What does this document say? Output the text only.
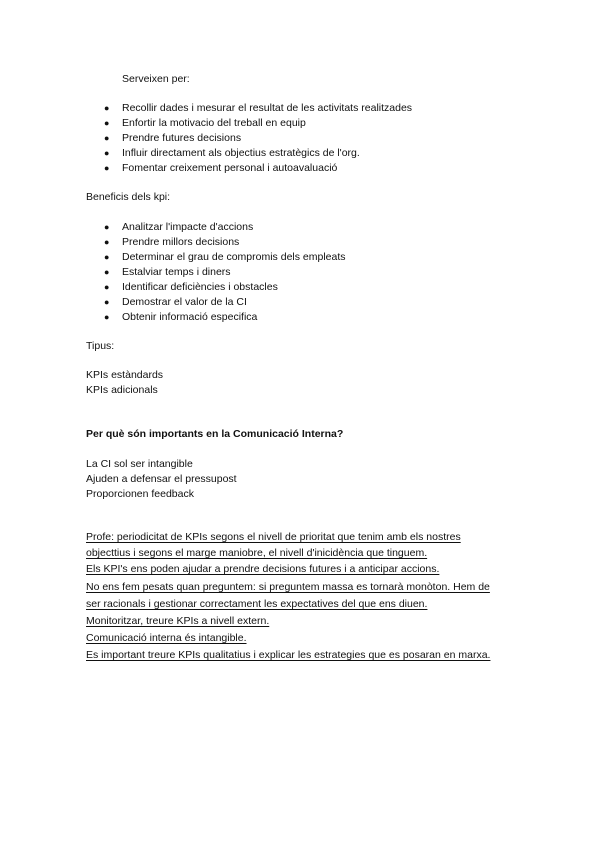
Serveixen per:
● Recollir dades i mesurar el resultat de les activitats realitzades
● Enfortir la motivacio del treball en equip
● Prendre futures decisions
● Influir directament als objectius estratègics de l'org.
● Fomentar creixement personal i autoavaluació
Beneficis dels kpi:
● Analitzar l'impacte d'accions
● Prendre millors decisions
● Determinar el grau de compromis dels empleats
● Estalviar temps i diners
● Identificar deficiències i obstacles
● Demostrar el valor de la CI
● Obtenir informació especifica
Tipus:
KPIs estàndards
KPIs adicionals
Per què són importants en la Comunicació Interna?
La CI sol ser intangible
Ajuden a defensar el pressupost
Proporcionen feedback
Profe: periodicitat de KPIs segons el nivell de prioritat que tenim amb els nostres
objecttius i segons el marge maniobre, el nivell d'inicidència que tinguem.
Els KPI's ens poden ajudar a prendre decisions futures i a anticipar accions.
No ens fem pesats quan preguntem: si preguntem massa es tornarà monòton. Hem de
ser racionals i gestionar correctament les expectatives del que ens diuen.
Monitoritzar, treure KPIs a nivell extern.
Comunicació interna és intangible.
Es important treure KPIs qualitatius i explicar les estrategies que es posaran en marxa.
